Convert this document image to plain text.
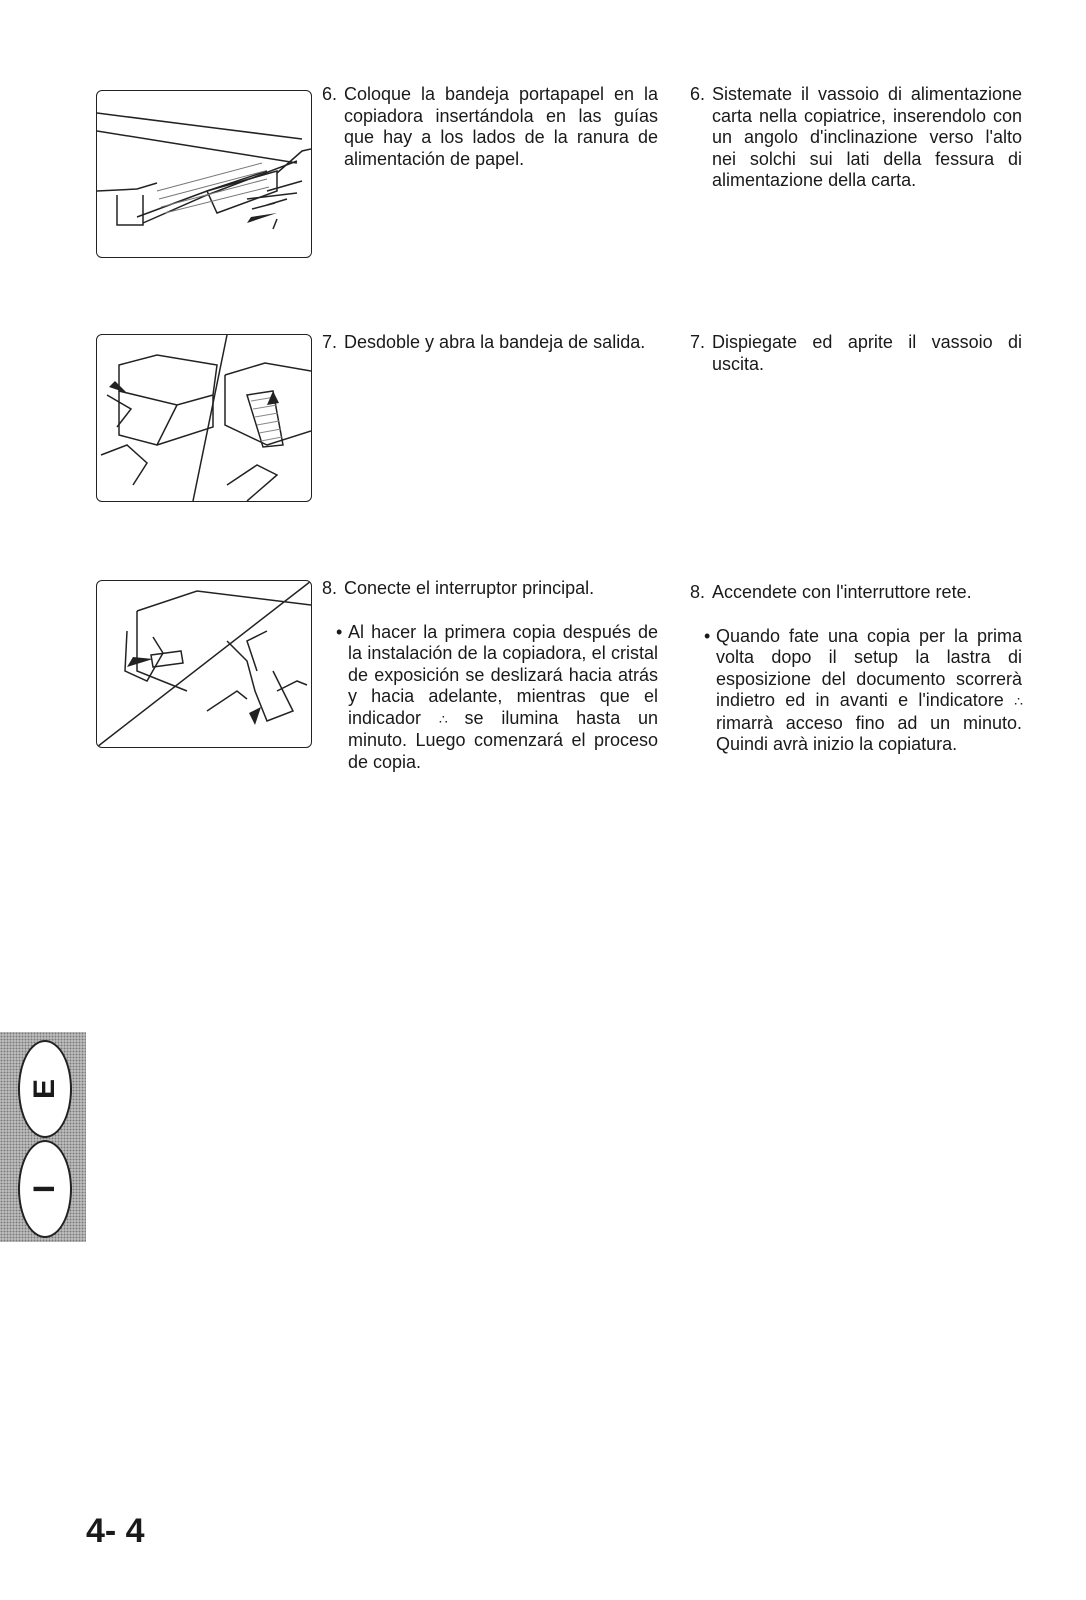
6. Coloque la bandeja portapapel en la copiadora insertándola en las guías que hay a los lados de la ranura de alimentación de papel.
7. Desdoble y abra la bandeja de salida.
8. Conecte el interruptor principal.
• Al hacer la primera copia después de la instalación de la copiadora, el cristal de exposición se deslizará hacia atrás y hacia adelante, mientras que el indicador ∴ se ilumina hasta un minuto. Luego comenzará el proceso de copia.
6. Sistemate il vassoio di alimentazione carta nella copiatrice, inserendolo con un angolo d'inclinazione verso l'alto nei solchi sui lati della fessura di alimentazione della carta.
7. Dispiegate ed aprite il vassoio di uscita.
8. Accendete con l'interruttore rete.
• Quando fate una copia per la prima volta dopo il setup la lastra di esposizione del documento scorrerà indietro ed in avanti e l'indicatore ∴ rimarrà acceso fino ad un minuto. Quindi avrà inizio la copiatura.
E
I
4- 4
